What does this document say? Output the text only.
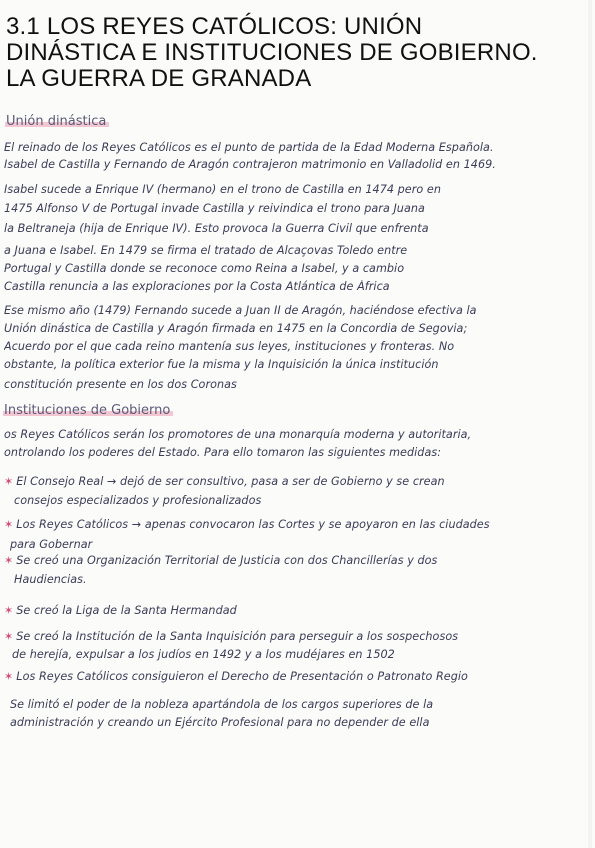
3.1 LOS REYES CATÓLICOS: UNIÓN
DINÁSTICA E INSTITUCIONES DE GOBIERNO.
LA GUERRA DE GRANADA
Unión dinástica
El reinado de los Reyes Católicos es el punto de partida de la Edad Moderna Española.
Isabel de Castilla y Fernando de Aragón contrajeron matrimonio en Valladolid en 1469.
Isabel sucede a Enrique IV (hermano) en el trono de Castilla en 1474 pero en
1475 Alfonso V de Portugal invade Castilla y reivindica el trono para Juana
la Beltraneja (hija de Enrique IV). Esto provoca la Guerra Civil que enfrenta
a Juana e Isabel. En 1479 se firma el tratado de Alcaçovas Toledo entre
Portugal y Castilla donde se reconoce como Reina a Isabel, y a cambio
Castilla renuncia a las exploraciones por la Costa Atlántica de África
Ese mismo año (1479) Fernando sucede a Juan II de Aragón, haciéndose efectiva la
Unión dinástica de Castilla y Aragón firmada en 1475 en la Concordia de Segovia;
Acuerdo por el que cada reino mantenía sus leyes, instituciones y fronteras. No
obstante, la política exterior fue la misma y la Inquisición la única institución
constitución presente en los dos Coronas
Instituciones de Gobierno
os Reyes Católicos serán los promotores de una monarquía moderna y autoritaria,
ontrolando los poderes del Estado. Para ello tomaron las siguientes medidas:
✶ El Consejo Real → dejó de ser consultivo, pasa a ser de Gobierno y se crean
consejos especializados y profesionalizados
✶ Los Reyes Católicos → apenas convocaron las Cortes y se apoyaron en las ciudades
para Gobernar
✶ Se creó una Organización Territorial de Justicia con dos Chancillerías y dos
Haudiencias.
✶ Se creó la Liga de la Santa Hermandad
✶ Se creó la Institución de la Santa Inquisición para perseguir a los sospechosos
de herejía, expulsar a los judíos en 1492 y a los mudéjares en 1502
✶ Los Reyes Católicos consiguieron el Derecho de Presentación o Patronato Regio
Se limitó el poder de la nobleza apartándola de los cargos superiores de la
administración y creando un Ejército Profesional para no depender de ella
